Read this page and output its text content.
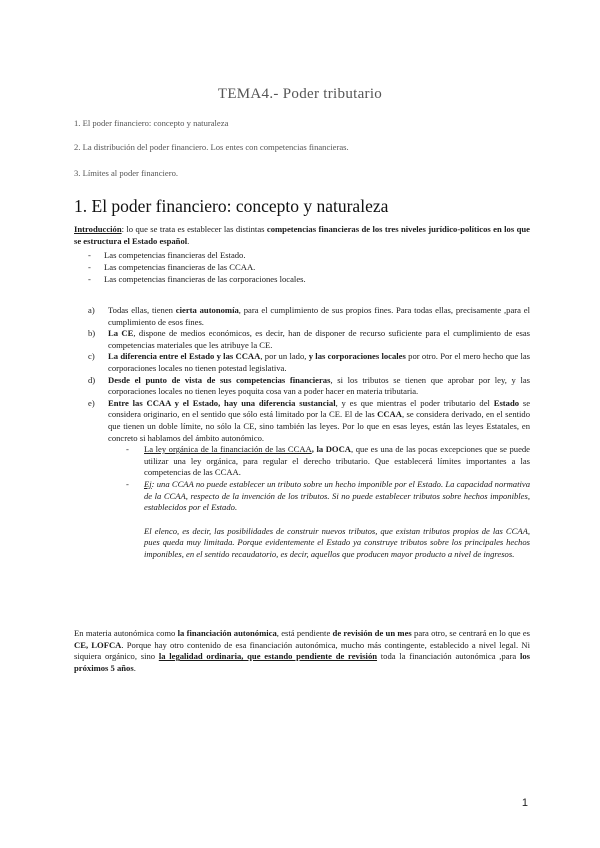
TEMA4.- Poder tributario
1. El poder financiero: concepto y naturaleza
2. La distribución del poder financiero. Los entes con competencias financieras.
3. Límites al poder financiero.
1. El poder financiero: concepto y naturaleza
Introducción: lo que se trata es establecer las distintas competencias financieras de los tres niveles jurídico-políticos en los que se estructura el Estado español.
-	Las competencias financieras del Estado.
-	Las competencias financieras de las CCAA.
-	Las competencias financieras de las corporaciones locales.
a)	Todas ellas, tienen cierta autonomía, para el cumplimiento de sus propios fines. Para todas ellas, precisamente ,para el cumplimiento de esos fines.
b)	La CE, dispone de medios económicos, es decir, han de disponer de recurso suficiente para el cumplimiento de esas competencias materiales que les atribuye la CE.
c)	La diferencia entre el Estado y las CCAA, por un lado, y las corporaciones locales por otro. Por el mero hecho que las corporaciones locales no tienen potestad legislativa.
d)	Desde el punto de vista de sus competencias financieras, si los tributos se tienen que aprobar por ley, y las corporaciones locales no tienen leyes poquita cosa van a poder hacer en materia tributaria.
e)	Entre las CCAA y el Estado, hay una diferencia sustancial, y es que mientras el poder tributario del Estado se considera originario, en el sentido que sólo está limitado por la CE. El de las CCAA, se considera derivado, en el sentido que tienen un doble límite, no sólo la CE, sino también las leyes. Por lo que en esas leyes, están las leyes Estatales, en concreto si hablamos del ámbito autonómico.
-	La ley orgánica de la financiación de las CCAA, la DOCA, que es una de las pocas excepciones que se puede utilizar una ley orgánica, para regular el derecho tributario. Que establecerá límites importantes a las competencias de las CCAA.
-	Ej: una CCAA no puede establecer un tributo sobre un hecho imponible por el Estado. La capacidad normativa de la CCAA, respecto de la invención de los tributos. Si no puede establecer tributos sobre hechos imponibles, establecidos por el Estado.
El elenco, es decir, las posibilidades de construir nuevos tributos, que existan tributos propios de las CCAA, pues queda muy limitada. Porque evidentemente el Estado ya construye tributos sobre los principales hechos imponibles, en el sentido recaudatorio, es decir, aquellos que producen mayor producto a nivel de ingresos.
En materia autonómica como la financiación autonómica, está pendiente de revisión de un mes para otro, se centrará en lo que es CE, LOFCA. Porque hay otro contenido de esa financiación autonómica, mucho más contingente, establecido a nivel legal. Ni siquiera orgánico, sino la legalidad ordinaria, que estando pendiente de revisión toda la financiación autonómica ,para los próximos 5 años.
1
